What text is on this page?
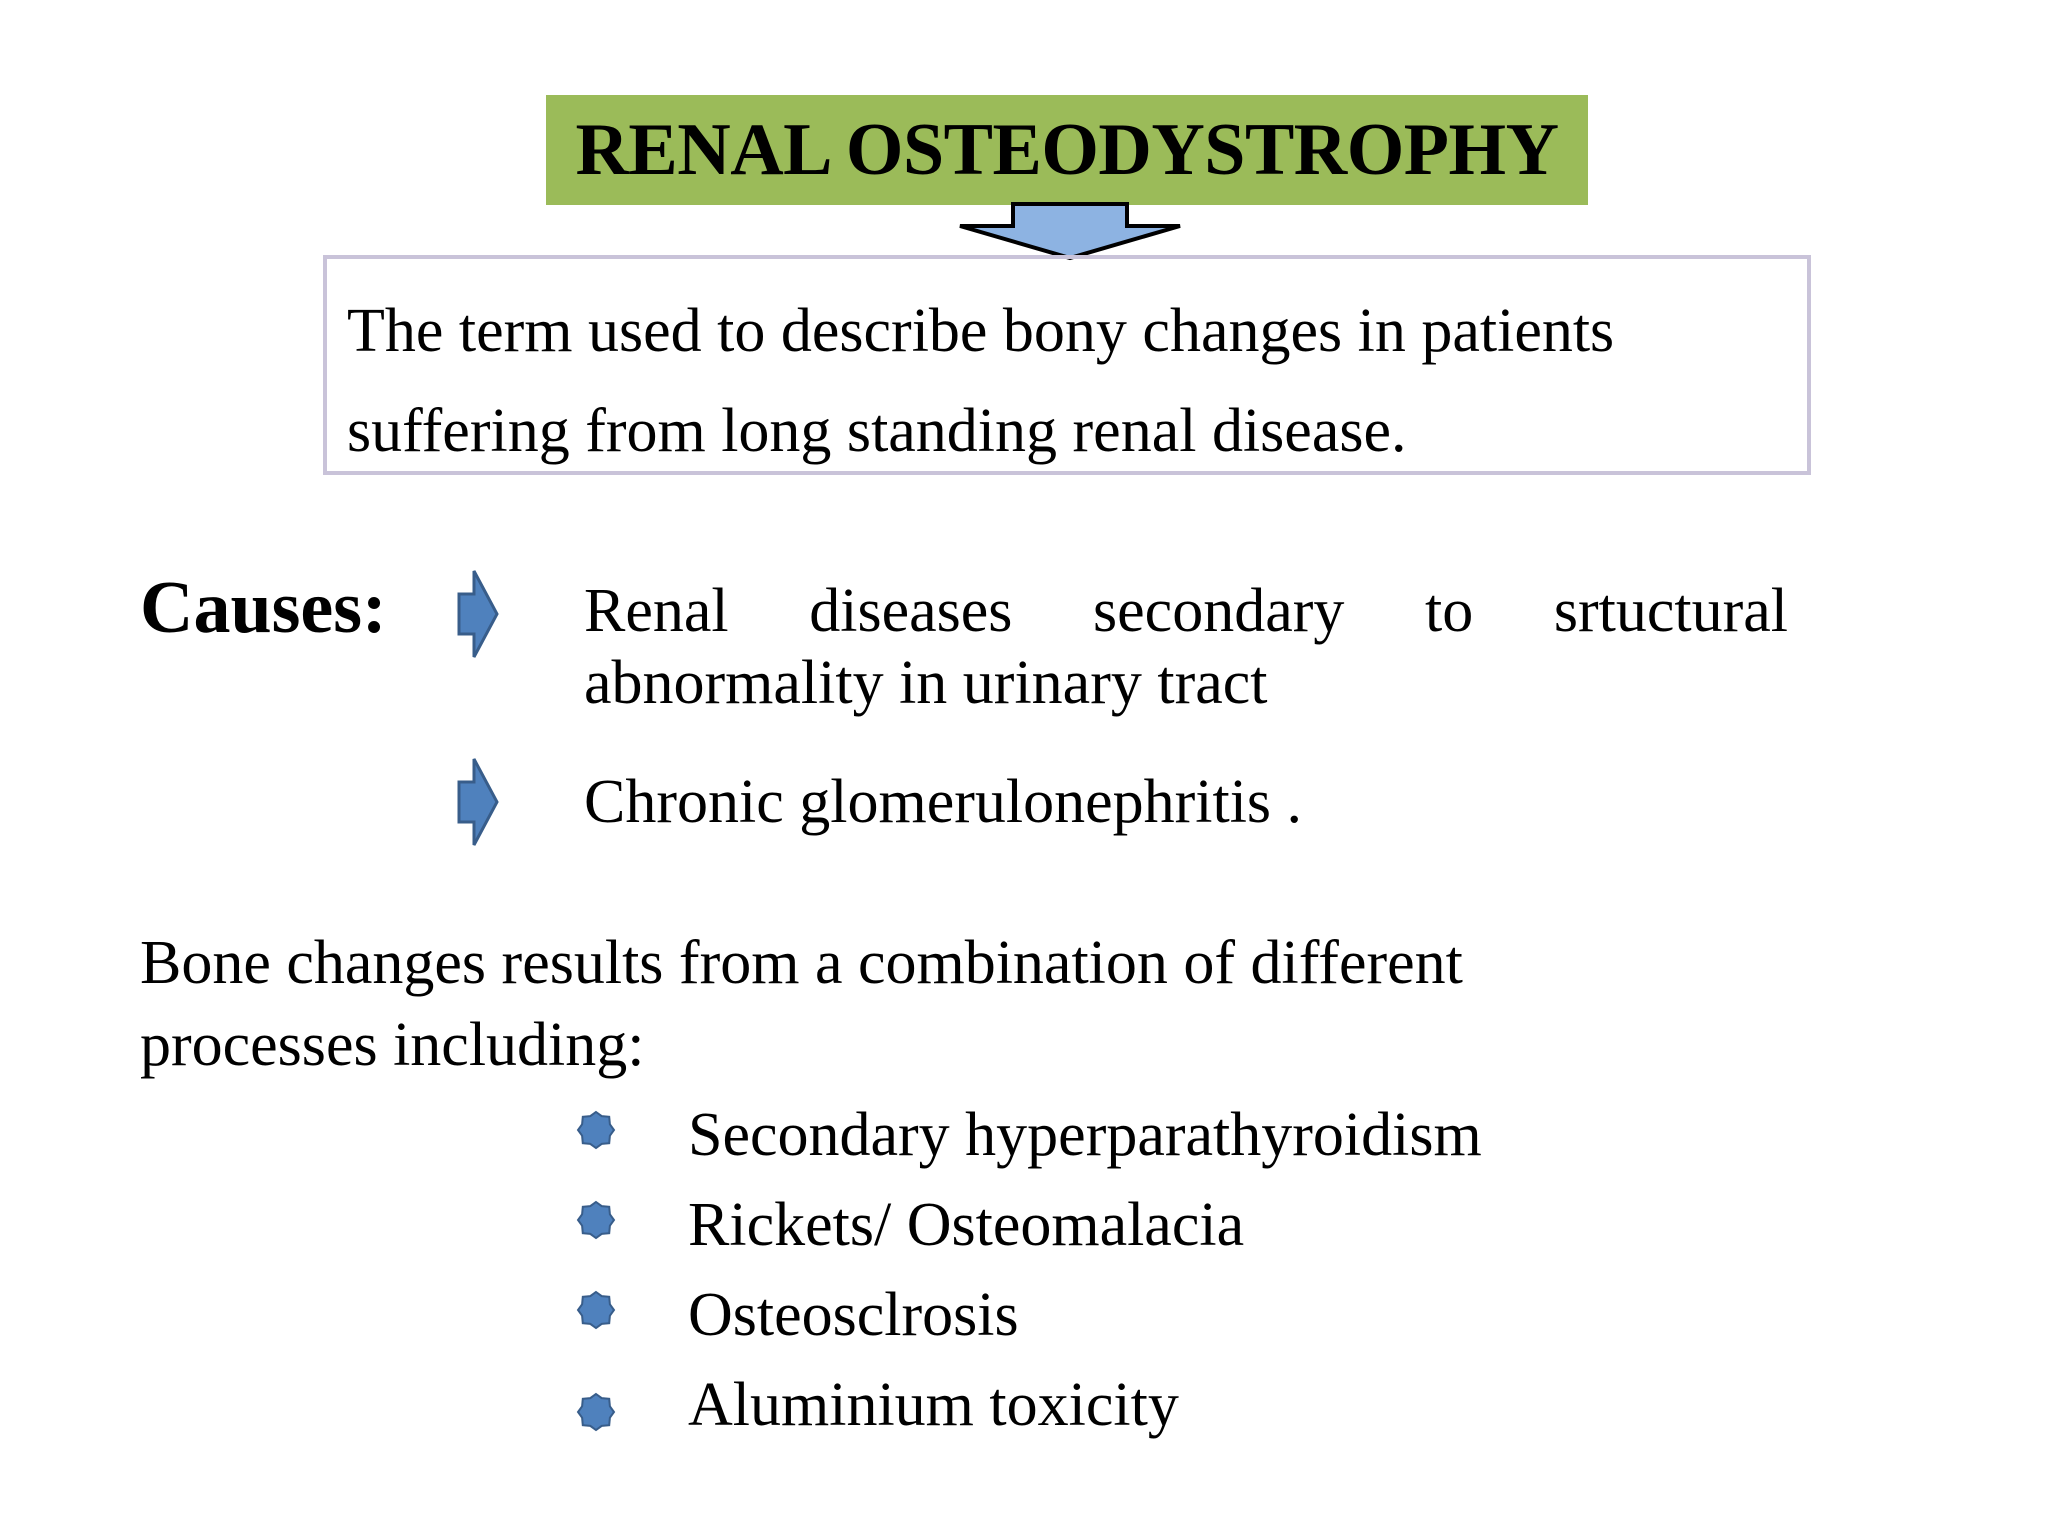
RENAL OSTEODYSTROPHY
The term used to describe bony changes in patients suffering from long standing renal disease.
Causes:	Renal diseases secondary to srtuctural abnormality in urinary tract
Chronic glomerulonephritis .
Bone changes results from a combination of different processes including:
Secondary hyperparathyroidism
Rickets/ Osteomalacia
Osteosclrosis
Aluminium toxicity
